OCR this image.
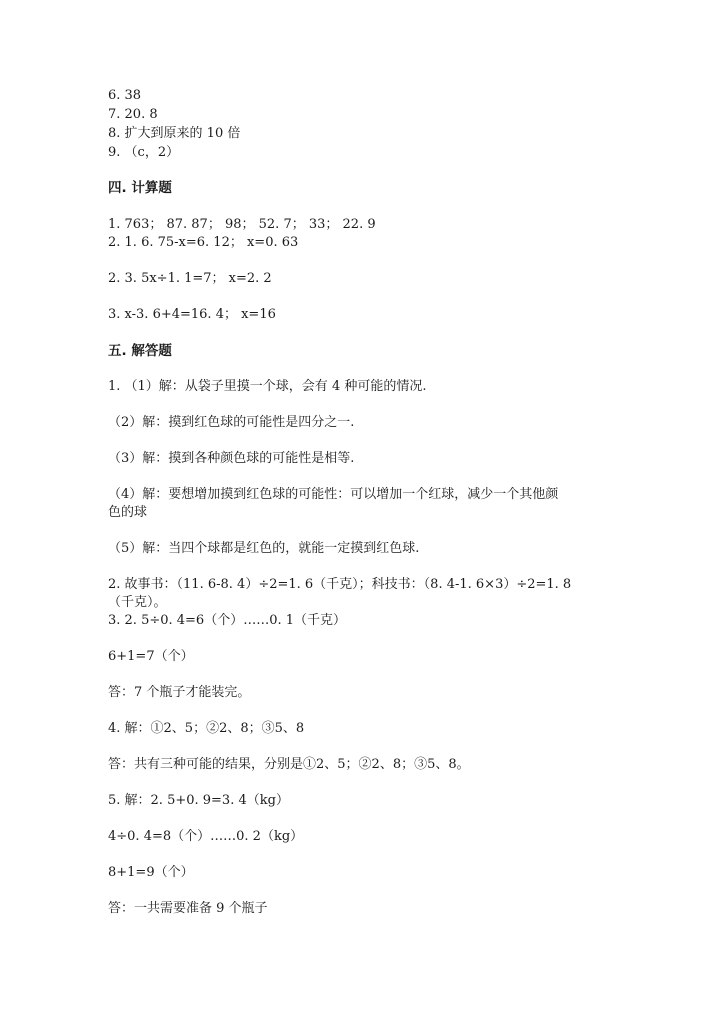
6. 38
7. 20. 8
8. 扩大到原来的 10 倍
9. （c，2）
四. 计算题
1. 763； 87. 87； 98； 52. 7； 33； 22. 9
2. 1. 6. 75-x=6. 12； x=0. 63
2. 3. 5x÷1. 1=7； x=2. 2
3. x-3. 6+4=16. 4； x=16
五. 解答题
1. （1）解：从袋子里摸一个球，会有 4 种可能的情况.
（2）解：摸到红色球的可能性是四分之一.
（3）解：摸到各种颜色球的可能性是相等.
（4）解：要想增加摸到红色球的可能性：可以增加一个红球，减少一个其他颜
色的球
（5）解：当四个球都是红色的，就能一定摸到红色球.
2. 故事书：（11. 6-8. 4）÷2=1. 6（千克）；科技书：（8. 4-1. 6×3）÷2=1. 8
（千克）。
3. 2. 5÷0. 4=6（个）……0. 1（千克）
6+1=7（个）
答：7 个瓶子才能装完。
4. 解：①2、5；②2、8；③5、8
答：共有三种可能的结果，分别是①2、5；②2、8；③5、8。
5. 解：2. 5+0. 9=3. 4（kg）
4÷0. 4=8（个）……0. 2（kg）
8+1=9（个）
答：一共需要准备 9 个瓶子
